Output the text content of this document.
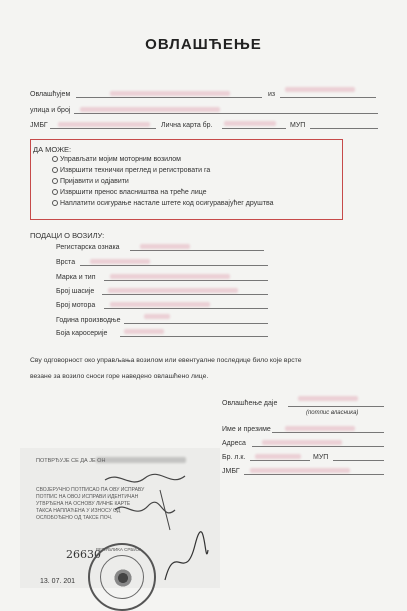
ОВЛАШЋЕЊЕ
Овлашћујем	из
улица и број
ЈМБГ	Лична карта бр.	МУП
ДА МОЖЕ:
Управљати мојим моторним возилом
Извршити технички преглед и регистровати га
Пријавити и одјавити
Извршити пренос власништва на треће лице
Наплатити осигурање настале штете код осигуравајућег друштва
ПОДАЦИ О ВОЗИЛУ:
Регистарска ознака
Врста
Марка и тип
Број шасије
Број мотора
Година производње
Боја каросерије
Сву одговорност око управљања возилом или евентуалне последице било које врсте
везане за возило сноси горе наведено овлашћено лице.
Овлашћење даје
(потпис власника)
Име и презиме
Адреса
Бр. л.к.	МУП
ЈМБГ
ПОТВРЂУЈЕ СЕ ДА ЈЕ ОН
СВОЈЕРУЧНО ПОТПИСАО ПА ОВУ ИСПРАВУ
ПОТПИС НА ОВОЈ ИСПРАВИ ИДЕНТИЧАН
УТВРЂЕНА НА ОСНОВУ ЛИЧНЕ КАРТЕ
ТАКСА НАПЛАЋЕНА У ИЗНОСУ ОД
ОСЛОБОЂЕНО ОД ТАКСЕ ПОЧ.
26630
13. 07. 201
РЕПУБЛИКА СРБИЈА
